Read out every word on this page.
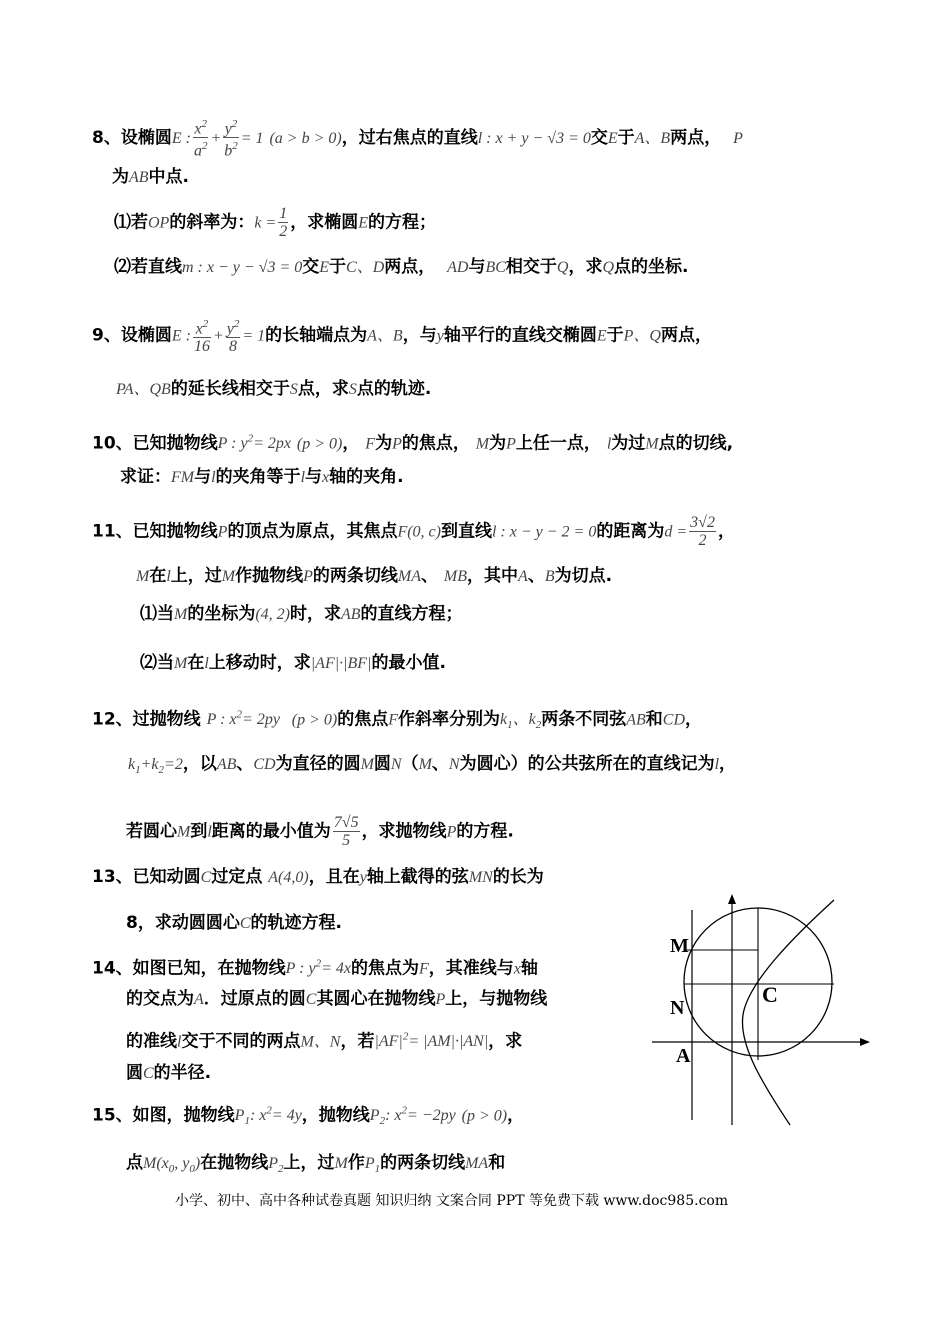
8、设椭圆E : $\frac{x^2}{a^2} + \frac{y^2}{b^2} = 1$ (a > b > 0)，过右焦点的直线l : x + y − √3 = 0交E于A、B两点， P
为AB中点.
⑴若OP的斜率为：$k = \frac{1}{2}$ ，求椭圆E的方程；
⑵若直线m : x − y − √3 = 0交E于C、D两点， AD与BC相交于Q，求Q点的坐标.
9、设椭圆E : $\frac{x^2}{16} + \frac{y^2}{8} = 1$的长轴端点为A、B，与y轴平行的直线交椭圆E于P、Q两点，
PA、QB的延长线相交于S点，求S点的轨迹.
10、已知抛物线P : $y^2= 2px$ (p > 0)， F为P的焦点， M为P上任一点， l为过M点的切线,
求证：FM与l的夹角等于l与x轴的夹角.
11、已知抛物线P的顶点为原点，其焦点F(0, c)到直线l : x − y − 2 = 0的距离为$d = \frac{3√2}{2}$ ，
M在l上，过M作抛物线P的两条切线MA、 MB，其中A、B为切点.
⑴当M的坐标为(4, 2)时，求AB的直线方程；
⑵当M在l上移动时，求|AF|·|BF|的最小值.
12、过抛物线 P : $x^2= 2py$ (p > 0)的焦点F作斜率分别为$k_1$、$k_2$两条不同弦AB和CD，
$k_1+k_2=2$，以AB、CD为直径的圆M圆N（M、N为圆心）的公共弦所在的直线记为l，
若圆心M到l距离的最小值为 $\frac{7√5}{5}$ ，求抛物线P的方程.
13、已知动圆C过定点 A(4,0)，且在y轴上截得的弦MN的长为
8，求动圆圆心C的轨迹方程.
14、如图已知，在抛物线P : $y^2= 4x$的焦点为F，其准线与x轴
的交点为A．过原点的圆C其圆心在抛物线P上，与抛物线
的准线l交于不同的两点M、N，若$|AF|^2= |AM|\cdot|AN|$，求
圆C的半径.
15、如图，抛物线$P_1$: $x^2= 4y$，抛物线$P_2$: $x^2= -2py$ (p > 0)，
点$M(x_0$, $y_0$)在抛物线$P_2$上，过M作$P_1$的两条切线MA和
M
N
A
C
小学、初中、高中各种试卷真题 知识归纳 文案合同 PPT 等免费下载 www.doc985.com
